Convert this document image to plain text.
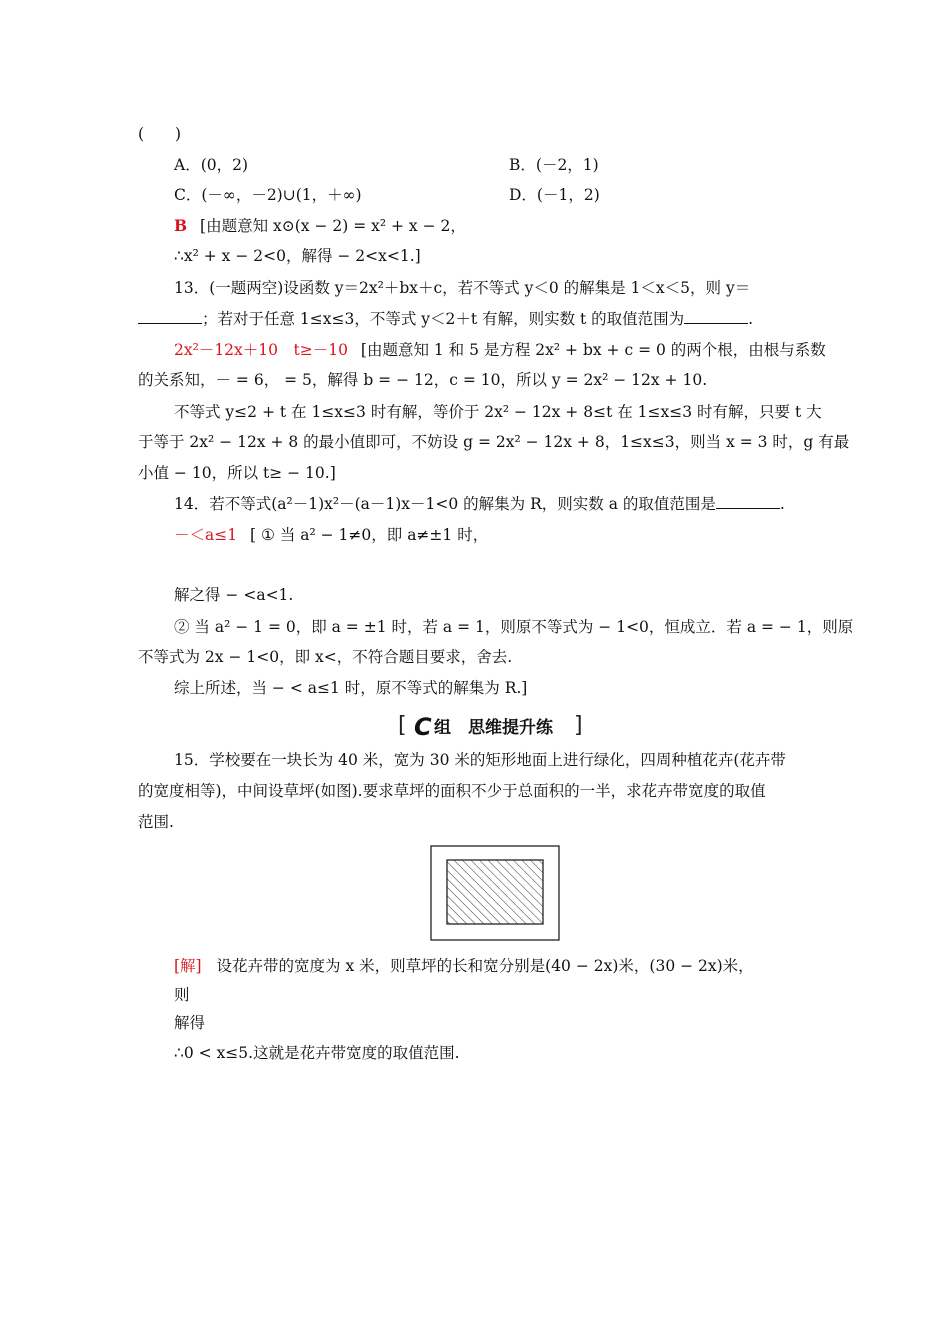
(　　)
A．(0，2)	B．(－2，1)
C．(－∞，－2)∪(1，＋∞)	D．(－1，2)
B [由题意知 x⊙(x − 2) = x² + x − 2，
∴x² + x − 2<0，解得 − 2<x<1.]
13．(一题两空)设函数 y＝2x²＋bx＋c，若不等式 y＜0 的解集是 1＜x＜5，则 y＝
；若对于任意 1≤x≤3，不等式 y＜2＋t 有解，则实数 t 的取值范围为	.
2x²－12x＋10　t≥－10 [由题意知 1 和 5 是方程 2x² + bx + c = 0 的两个根，由根与系数
的关系知，－ = 6， = 5，解得 b = − 12，c = 10，所以 y = 2x² − 12x + 10.
不等式 y≤2 + t 在 1≤x≤3 时有解，等价于 2x² − 12x + 8≤t 在 1≤x≤3 时有解，只要 t 大
于等于 2x² − 12x + 8 的最小值即可，不妨设 g = 2x² − 12x + 8，1≤x≤3，则当 x = 3 时，g 有最
小值 − 10，所以 t≥ − 10.]
14．若不等式(a²－1)x²－(a－1)x－1<0 的解集为 R，则实数 a 的取值范围是	.
－＜a≤1 [ ① 当 a² − 1≠0，即 a≠±1 时，
解之得 − <a<1.
② 当 a² − 1 = 0，即 a = ±1 时，若 a = 1，则原不等式为 − 1<0，恒成立．若 a = − 1，则原
不等式为 2x − 1<0，即 x<，不符合题目要求，舍去.
综上所述，当 − < a≤1 时，原不等式的解集为 R.]
[ C 组　思维提升练 ]
15．学校要在一块长为 40 米，宽为 30 米的矩形地面上进行绿化，四周种植花卉(花卉带
的宽度相等)，中间设草坪(如图).要求草坪的面积不少于总面积的一半，求花卉带宽度的取值
范围.
[解] 设花卉带的宽度为 x 米，则草坪的长和宽分别是(40 − 2x)米，(30 − 2x)米，
则
解得
∴0 < x≤5.这就是花卉带宽度的取值范围.
